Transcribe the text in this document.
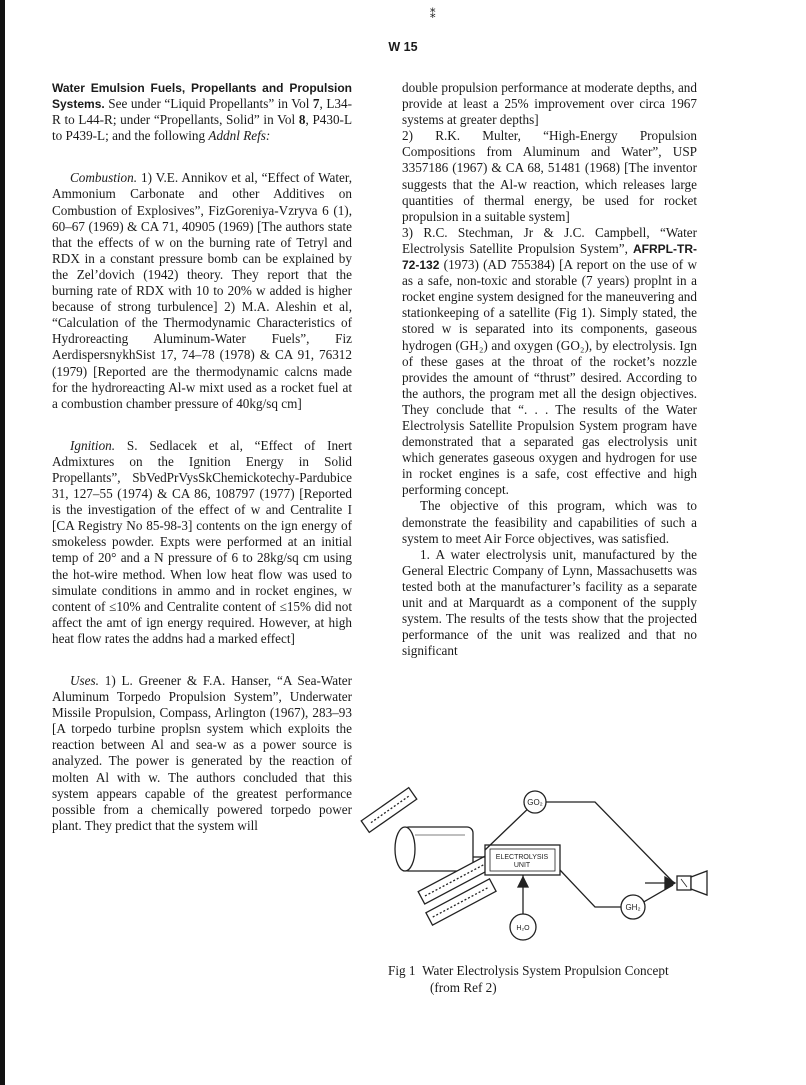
⁑
W 15

Water Emulsion Fuels, Propellants and Propulsion Systems. See under “Liquid Propellants” in Vol 7, L34-R to L44-R; under “Propellants, Solid” in Vol 8, P430-L to P439-L; and the following Addnl Refs:

Combustion. 1) V.E. Annikov et al, “Effect of Water, Ammonium Carbonate and other Additives on Combustion of Explosives”, FizGoreniya-Vzryva 6 (1), 60–67 (1969) & CA 71, 40905 (1969) [The authors state that the effects of w on the burning rate of Tetryl and RDX in a constant pressure bomb can be explained by the Zel’dovich (1942) theory. They report that the burning rate of RDX with 10 to 20% w added is higher because of strong turbulence] 2) M.A. Aleshin et al, “Calculation of the Thermodynamic Characteristics of Hydroreacting Aluminum-Water Fuels”, Fiz AerdispersnykhSist 17, 74–78 (1978) & CA 91, 76312 (1979) [Reported are the thermodynamic calcns made for the hydroreacting Al-w mixt used as a rocket fuel at a combustion chamber pressure of 40kg/sq cm]

Ignition. S. Sedlacek et al, “Effect of Inert Admixtures on the Ignition Energy in Solid Propellants”, SbVedPrVysSkChemickotechy-Pardubice 31, 127–55 (1974) & CA 86, 108797 (1977) [Reported is the investigation of the effect of w and Centralite I [CA Registry No 85-98-3] contents on the ign energy of smokeless powder. Expts were performed at an initial temp of 20° and a N pressure of 6 to 28kg/sq cm using the hot-wire method. When low heat flow was used to simulate conditions in ammo and in rocket engines, w content of ≤10% and Centralite content of ≤15% did not affect the amt of ign energy required. However, at high heat flow rates the addns had a marked effect]

Uses. 1) L. Greener & F.A. Hanser, “A Sea-Water Aluminum Torpedo Propulsion System”, Underwater Missile Propulsion, Compass, Arlington (1967), 283–93 [A torpedo turbine proplsn system which exploits the reaction between Al and sea-w as a power source is analyzed. The power is generated by the reaction of molten Al with w. The authors concluded that this system appears capable of the greatest performance possible from a chemically powered torpedo power plant. They predict that the system will

double propulsion performance at moderate depths, and provide at least a 25% improvement over circa 1967 systems at greater depths]

2) R.K. Multer, “High-Energy Propulsion Compositions from Aluminum and Water”, USP 3357186 (1967) & CA 68, 51481 (1968) [The inventor suggests that the Al-w reaction, which releases large quantities of thermal energy, be used for rocket propulsion in a suitable system]

3) R.C. Stechman, Jr & J.C. Campbell, “Water Electrolysis Satellite Propulsion System”, AFRPL-TR-72-132 (1973) (AD 755384) [A report on the use of w as a safe, non-toxic and storable (7 years) proplnt in a rocket engine system designed for the maneuvering and stationkeeping of a satellite (Fig 1). Simply stated, the stored w is separated into its components, gaseous hydrogen (GH₂) and oxygen (GO₂), by electrolysis. Ign of these gases at the throat of the rocket’s nozzle provides the amount of “thrust” desired. According to the authors, the program met all the design objectives. They conclude that “. . . The results of the Water Electrolysis Satellite Propulsion System program have demonstrated that a separated gas electrolysis unit which generates gaseous oxygen and hydrogen for use in rocket engines is a safe, cost effective and high performing concept.

The objective of this program, which was to demonstrate the feasibility and capabilities of such a system to meet Air Force objectives, was satisfied.

1. A water electrolysis unit, manufactured by the General Electric Company of Lynn, Massachusetts was tested both at the manufacturer’s facility as a separate unit and at Marquardt as a component of the supply system. The results of the tests show that the projected performance of the unit was realized and that no significant

GO₂
GH₂
H₂O
ELECTROLYSIS
UNIT
Fig 1 Water Electrolysis System Propulsion Concept
(from Ref 2)
